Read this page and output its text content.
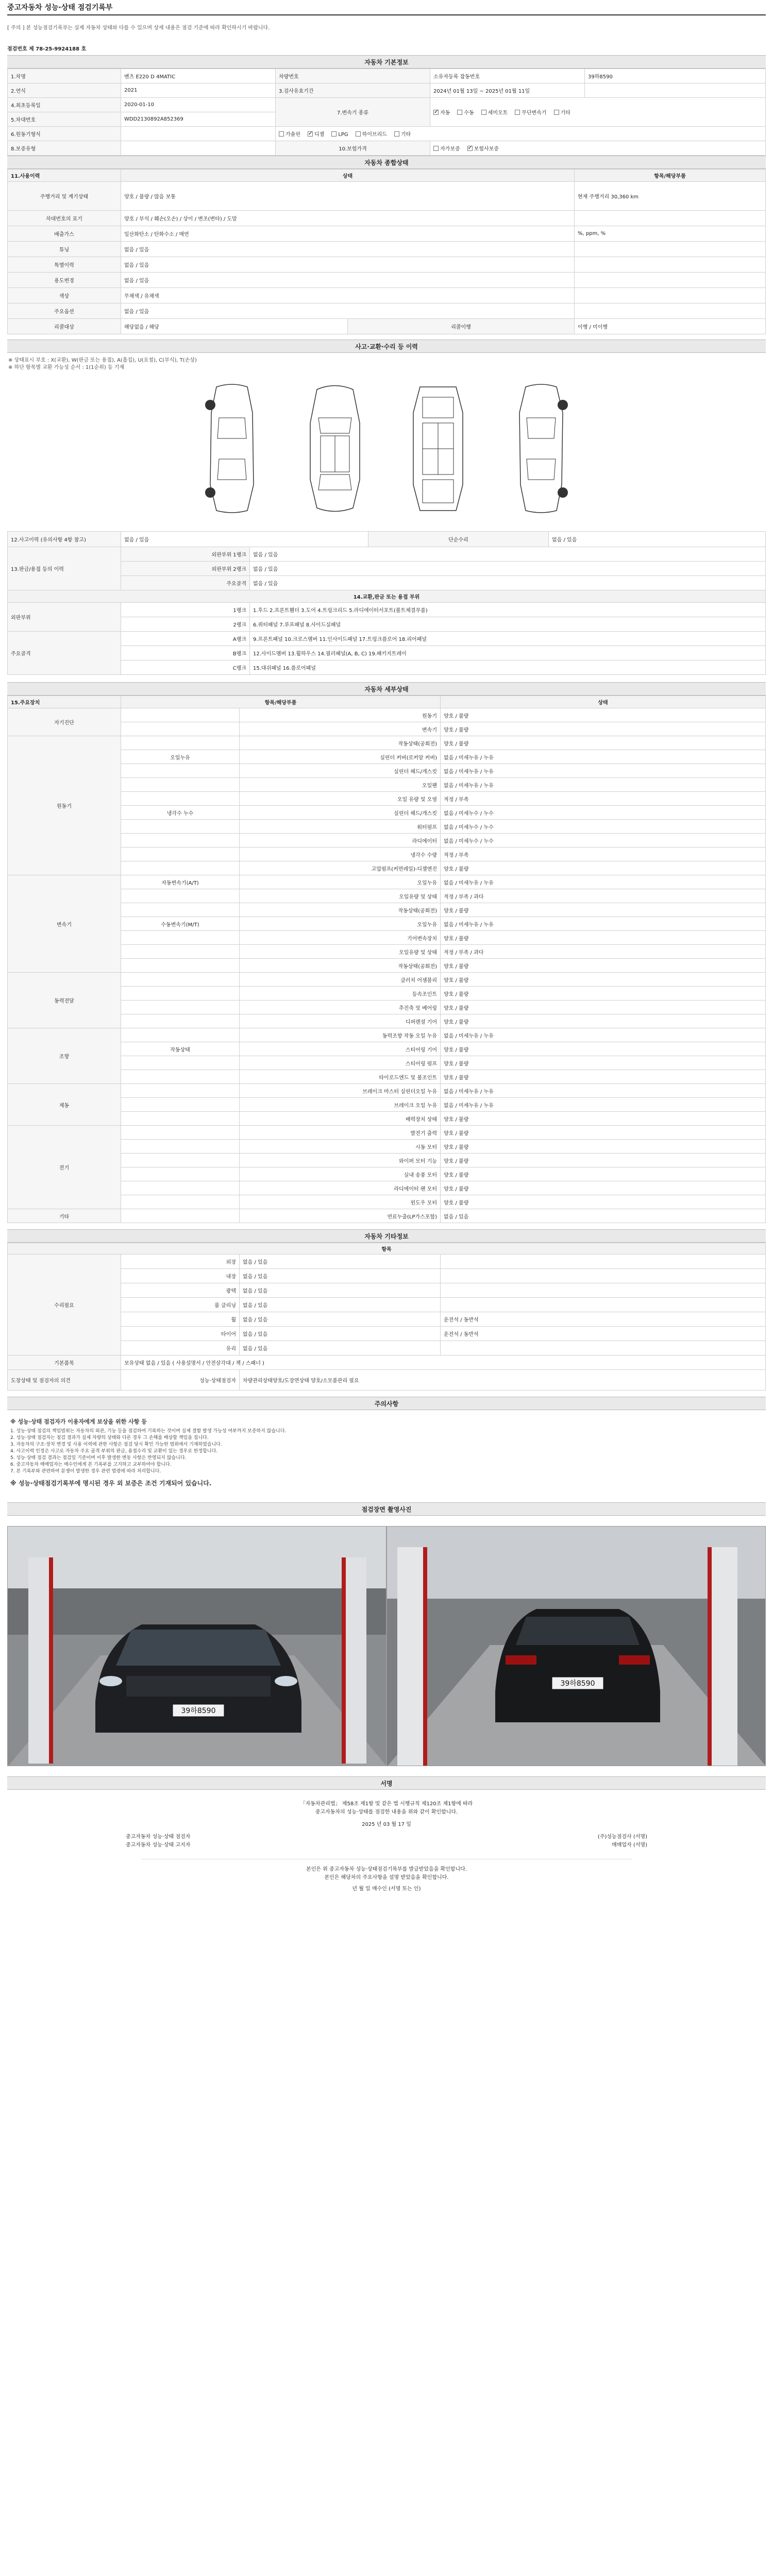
중고자동차 성능·상태 점검기록부
[ 주의 ] 본 성능점검기록부는 실제 자동차 상태와 다를 수 있으며 상세 내용은 점검 기준에 따라 확인하시기 바랍니다.
점검번호 제 78-25-9924188 호
자동차 기본정보
1.차명	벤츠 E220 D 4MATIC	차량번호	소유자등록 잡동번호	39하8590
2.연식	2021	3.검사유효기간	2024년 01월 13일 ~ 2025년 01월 11일	
4.최초등록일	2020-01-10	7.변속기 종류	✓자동 수동 세미오토 무단변속기 기타
5.차대번호	WDD2130892A852369			
6.원동기형식		가솔린 ✓ 디젤 LPG 하이브리드 기타
8.보증유형		10.보험가격	자가보증 ✓ 보험사보증
자동차 종합상태
11.사용이력	상태		항목/해당부품
주행거리 및 계기상태	양호 / 불량 / 많음 보통		현재 주행거리 30,360 km
차대번호의 표기	양호 / 부식 / 훼손(오손) / 상이 / 변조(변타) / 도말		
배출가스	일산화탄소 / 탄화수소 / 매연		%, ppm, %
튜닝	없음 / 있음		
특별이력	없음 / 있음		
용도변경	없음 / 있음		
색상	무채색 / 유채색		
주요옵션	없음 / 있음		
리콜대상	해당없음 / 해당	리콜이행	이행 / 미이행
사고·교환·수리 등 이력
※ 상태표시 부호 : X(교환), W(판금 또는 용접), A(흠집), U(요철), C(부식), T(손상)
※ 하단 항목별 교환 가능성 순서 : 1(1순위) 등 기재
12.사고이력 (유의사항 4항 참고)	없음 / 있음		단순수리	없음 / 있음
13.판금/용접 등의 이력	외판부위 1랭크	없음 / 있음		
	외판부위 2랭크	없음 / 있음		
	주요골격	없음 / 있음		
14.교환,판금 또는 용접 부위				
외판부위	1랭크	1.후드 2.프론트휀더 3.도어 4.트렁크리드 5.라디에이터서포트(볼트체결부품)		
	2랭크	6.쿼터패널 7.루프패널 8.사이드실패널		
주요골격	A랭크	9.프론트패널 10.크로스멤버 11.인사이드패널 17.트렁크플로어 18.리어패널		
	B랭크	12.사이드멤버 13.휠하우스 14.필러패널(A, B, C) 19.패키지트레이		
	C랭크	15.대쉬패널 16.플로어패널		
자동차 세부상태
15.주요장치	항목/해당부품		상태
자기진단		원동기	양호 / 불량
		변속기	양호 / 불량
원동기		작동상태(공회전)	양호 / 불량
	오일누유	실린더 커버(로커암 커버)	없음 / 미세누유 / 누유
		실린더 헤드/개스킷	없음 / 미세누유 / 누유
		오일팬	없음 / 미세누유 / 누유
		오일 유량 및 오염	적정 / 부족
	냉각수 누수	실린더 헤드/개스킷	없음 / 미세누수 / 누수
		워터펌프	없음 / 미세누수 / 누수
		라디에이터	없음 / 미세누수 / 누수
		냉각수 수량	적정 / 부족
		고압펌프(커먼레일)-디젤엔진	양호 / 불량
변속기	자동변속기(A/T)	오일누유	없음 / 미세누유 / 누유
		오일유량 및 상태	적정 / 부족 / 과다
		작동상태(공회전)	양호 / 불량
	수동변속기(M/T)	오일누유	없음 / 미세누유 / 누유
		기어변속장치	양호 / 불량
		오일유량 및 상태	적정 / 부족 / 과다
		작동상태(공회전)	양호 / 불량
동력전달		클러치 어셈블리	양호 / 불량
		등속조인트	양호 / 불량
		추진축 및 베어링	양호 / 불량
		디퍼렌셜 기어	양호 / 불량
조향		동력조향 작동 오일 누유	없음 / 미세누유 / 누유
	작동상태	스티어링 기어	양호 / 불량
		스티어링 펌프	양호 / 불량
		타이로드엔드 및 볼조인트	양호 / 불량
제동		브레이크 마스터 실린더오일 누유	없음 / 미세누유 / 누유
		브레이크 오일 누유	없음 / 미세누유 / 누유
		배력장치 상태	양호 / 불량
전기		발전기 출력	양호 / 불량
		시동 모터	양호 / 불량
		와이퍼 모터 기능	양호 / 불량
		실내 송풍 모터	양호 / 불량
		라디에이터 팬 모터	양호 / 불량
		윈도우 모터	양호 / 불량
기타		연료누출(LP가스포함)	없음 / 있음
자동차 기타정보
항목			
수리필요	외장	없음 / 있음	
	내장	없음 / 있음	
	광택	없음 / 있음	
	룸 클리닝	없음 / 있음	
	휠	없음 / 있음	운전석 / 동반석
	타이어	없음 / 있음	운전석 / 동반석
	유리	없음 / 있음	
기본품목	보유상태 없음 / 있음 ( 사용설명서 / 안전삼각대 / 잭 / 스패너 )		
도장상태 및 점검자의 의견	성능·상태점검자	차량관리상태양호/도장면상태 양호/소모품관리 필요	
주의사항
※ 성능·상태 점검자가 이용자에게 보상을 위한 사항 등
1. 성능·상태 점검의 책임범위는 자동차의 외관, 기능 등을 점검하여 기록하는 것이며 실제 결함 발생 가능성 여부까지 보증하지 않습니다.
2. 성능·상태 점검자는 점검 결과가 실제 차량의 상태와 다른 경우 그 손해를 배상할 책임을 집니다.
3. 자동차의 구조·장치 변경 및 사용 이력에 관한 사항은 점검 당시 확인 가능한 범위에서 기재하였습니다.
4. 사고이력 인정은 사고로 자동차 주요 골격 부위의 판금, 용접수리 및 교환이 있는 경우로 한정합니다.
5. 성능·상태 점검 결과는 점검일 기준이며 이후 발생한 변동 사항은 반영되지 않습니다.
6. 중고자동차 매매업자는 매수인에게 본 기록부를 고지하고 교부하여야 합니다.
7. 본 기록부와 관련하여 분쟁이 발생한 경우 관련 법령에 따라 처리합니다.
※ 성능·상태점검기록부에 명시된 경우 외 보증은 조건 기재되어 있습니다.
점검장면 촬영사진
39하8590
39하8590
서명
「자동차관리법」 제58조 제1항 및 같은 법 시행규칙 제120조 제1항에 따라
중고자동차의 성능·상태를 점검한 내용을 위와 같이 확인합니다.
2025 년 03 월 17 일
중고자동차 성능·상태 점검자	(주)성능점검사 (서명)
중고자동차 성능·상태 고지자	매매업자 (서명)
본인은 위 중고자동차 성능·상태점검기록부를 발급받았음을 확인합니다.
본인은 해당차의 주요사항을 설명 받았음을 확인합니다.
년 월 일 매수인 (서명 또는 인)
